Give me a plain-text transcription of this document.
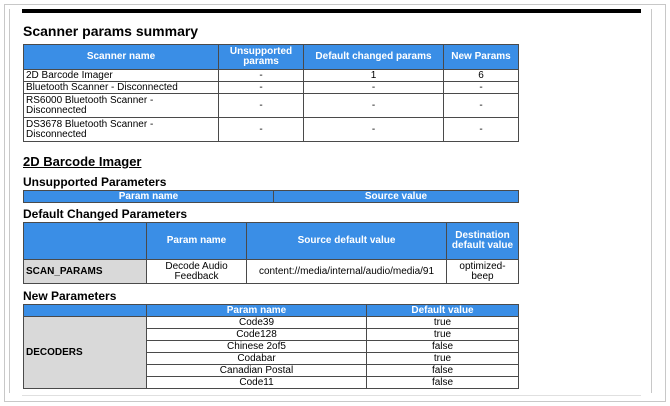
Scanner params summary
Scanner name	Unsupported params	Default changed params	New Params
2D Barcode Imager	-	1	6
Bluetooth Scanner - Disconnected	-	-	-
RS6000 Bluetooth Scanner - Disconnected	-	-	-
DS3678 Bluetooth Scanner - Disconnected	-	-	-
2D Barcode Imager
Unsupported Parameters
Param name	Source value
Default Changed Parameters
	Param name	Source default value	Destination default value
SCAN_PARAMS	Decode Audio Feedback	content://media/internal/audio/media/91	optimized-beep
New Parameters
	Param name	Default value
DECODERS	Code39	true
	Code128	true
	Chinese 2of5	false
	Codabar	true
	Canadian Postal	false
	Code11	false
